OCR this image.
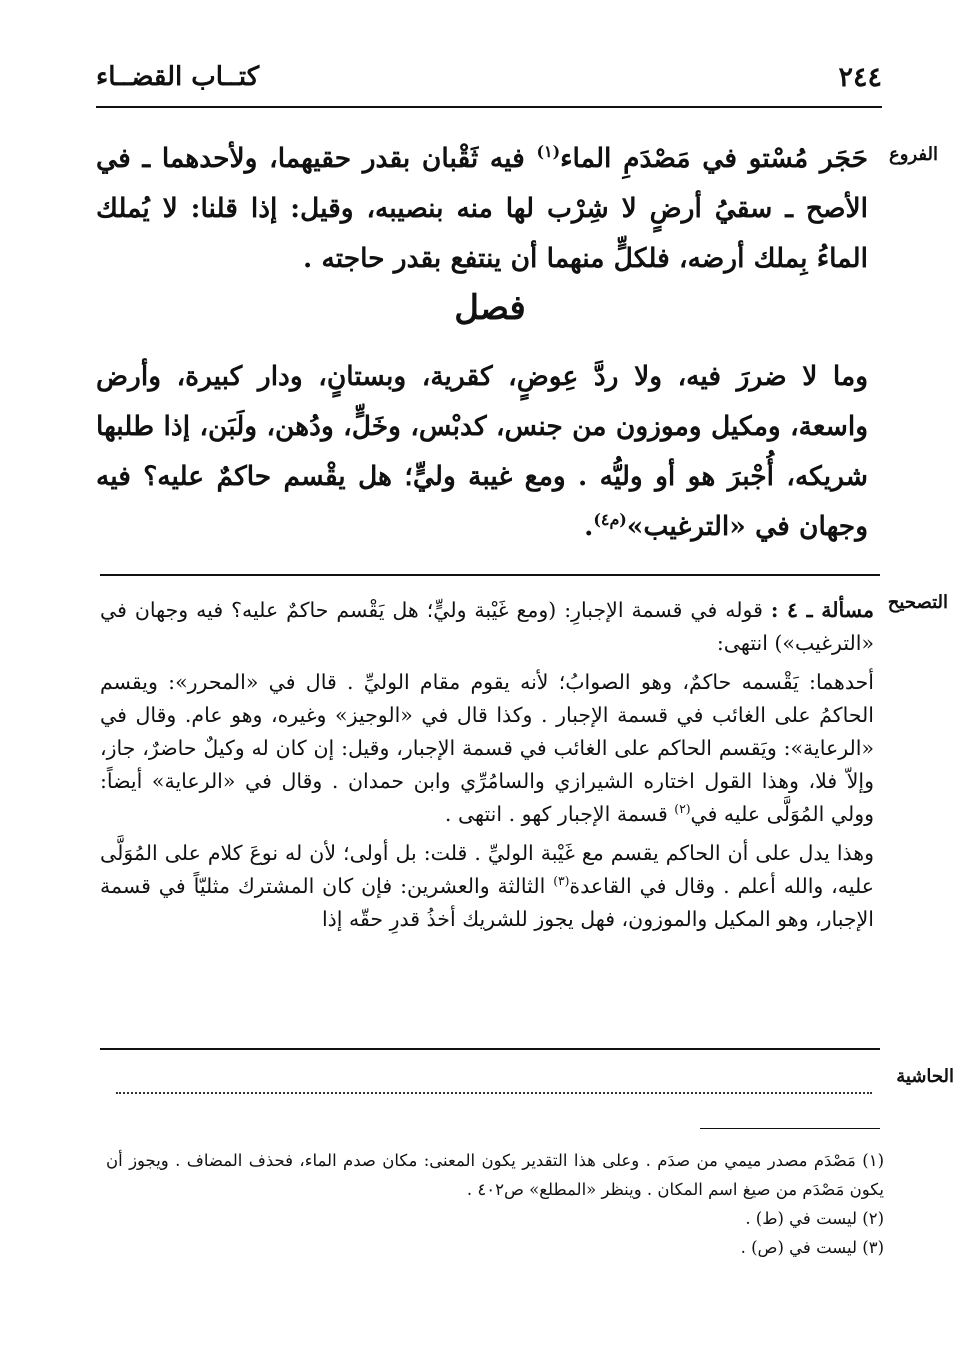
٢٤٤
كتــاب القضــاء
الفروع
التصحيح
الحاشية

حَجَر مُسْتو في مَصْدَمِ الماء$^{(١)}$ فيه ثَقْبان بقدر حقيهما، ولأحدهما ـ في الأصح ـ سقيُ أرضٍ لا شِرْب لها منه بنصيبه، وقيل: إذا قلنا: لا يُملك الماءُ بِملك أرضه، فلكلٍّ منهما أن ينتفع بقدر حاجته .

فصل

وما لا ضررَ فيه، ولا ردَّ عِوضٍ، كقرية، وبستانٍ، ودار كبيرة، وأرض واسعة، ومكيل وموزون من جنس، كدبْس، وخَلٍّ، ودُهن، ولَبَن، إذا طلبها شريكه، أُجْبرَ هو أو وليُّه . ومع غيبة وليٍّ؛ هل يقْسم حاكمٌ عليه؟ فيه وجهان في «الترغيب»$^{(م٤)}$.

مسألة ـ ٤ : قوله في قسمة الإجبارِ: (ومع غَيْبة وليٍّ؛ هل يَقْسم حاكمٌ عليه؟ فيه وجهان في «الترغيب») انتهى:

أحدهما: يَقْسمه حاكمٌ، وهو الصوابُ؛ لأنه يقوم مقام الوليِّ . قال في «المحرر»: ويقسم الحاكمُ على الغائب في قسمة الإجبار . وكذا قال في «الوجيز» وغيره، وهو عام. وقال في «الرعاية»: ويَقسم الحاكم على الغائب في قسمة الإجبار، وقيل: إن كان له وكيلٌ حاضرٌ، جاز، وإلاّ فلا، وهذا القول اختاره الشيرازي والسامُرِّي وابن حمدان . وقال في «الرعاية» أيضاً: وولي المُوَلَّى عليه في$^{(٢)}$ قسمة الإجبار كهو . انتهى .

وهذا يدل على أن الحاكم يقسم مع غَيْبة الوليِّ . قلت: بل أولى؛ لأن له نوعَ كلام على المُوَلَّى عليه، والله أعلم . وقال في القاعدة$^{(٣)}$ الثالثة والعشرين: فإن كان المشترك مثليّاً في قسمة الإجبار، وهو المكيل والموزون، فهل يجوز للشريك أخذُ قدرِ حقّه إذا

(١) مَصْدَم مصدر ميمي من صدَم . وعلى هذا التقدير يكون المعنى: مكان صدم الماء، فحذف المضاف . ويجوز أن يكون مَصْدَم من صيغ اسم المكان . وينظر «المطلع» ص٤٠٢ .

(٢) ليست في (ط) .

(٣) ليست في (ص) .
